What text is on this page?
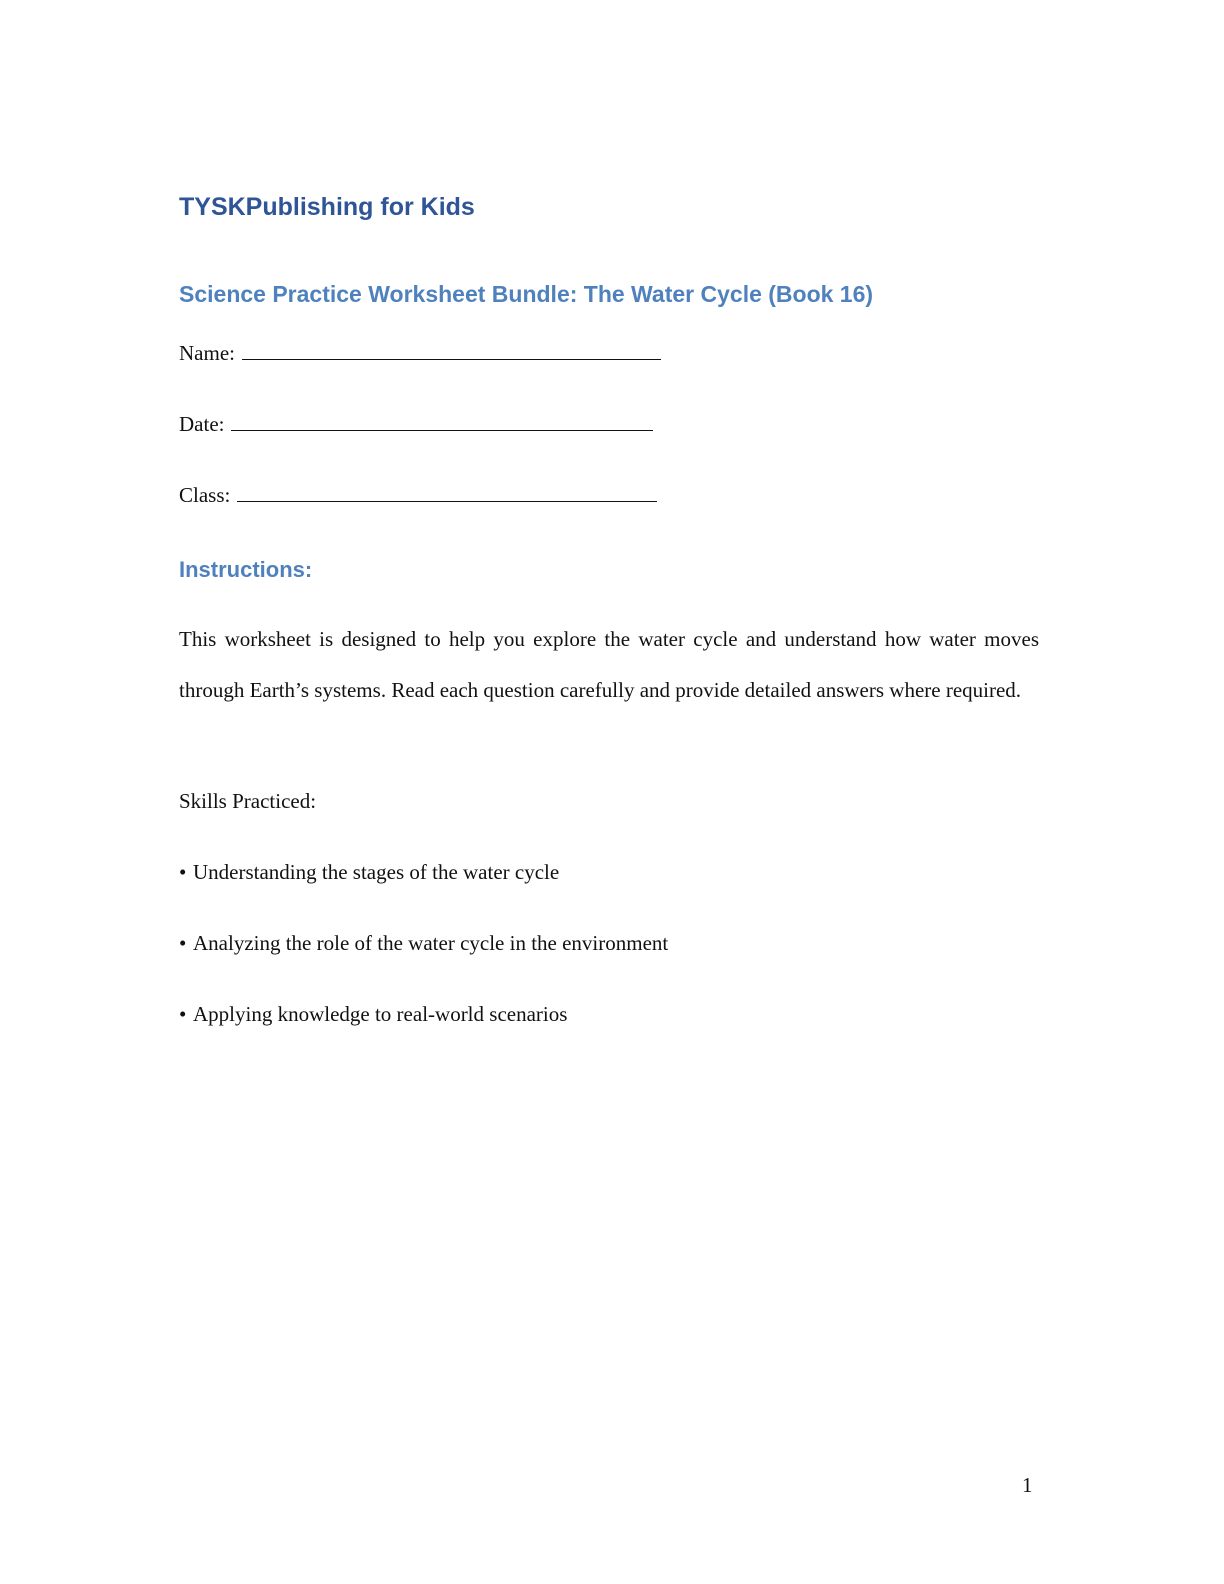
TYSKPublishing for Kids
Science Practice Worksheet Bundle: The Water Cycle (Book 16)
Name:
Date:
Class:
Instructions:

This worksheet is designed to help you explore the water cycle and understand how water moves through Earth’s systems. Read each question carefully and provide detailed answers where required.

Skills Practiced:
• Understanding the stages of the water cycle
• Analyzing the role of the water cycle in the environment
• Applying knowledge to real-world scenarios
1
